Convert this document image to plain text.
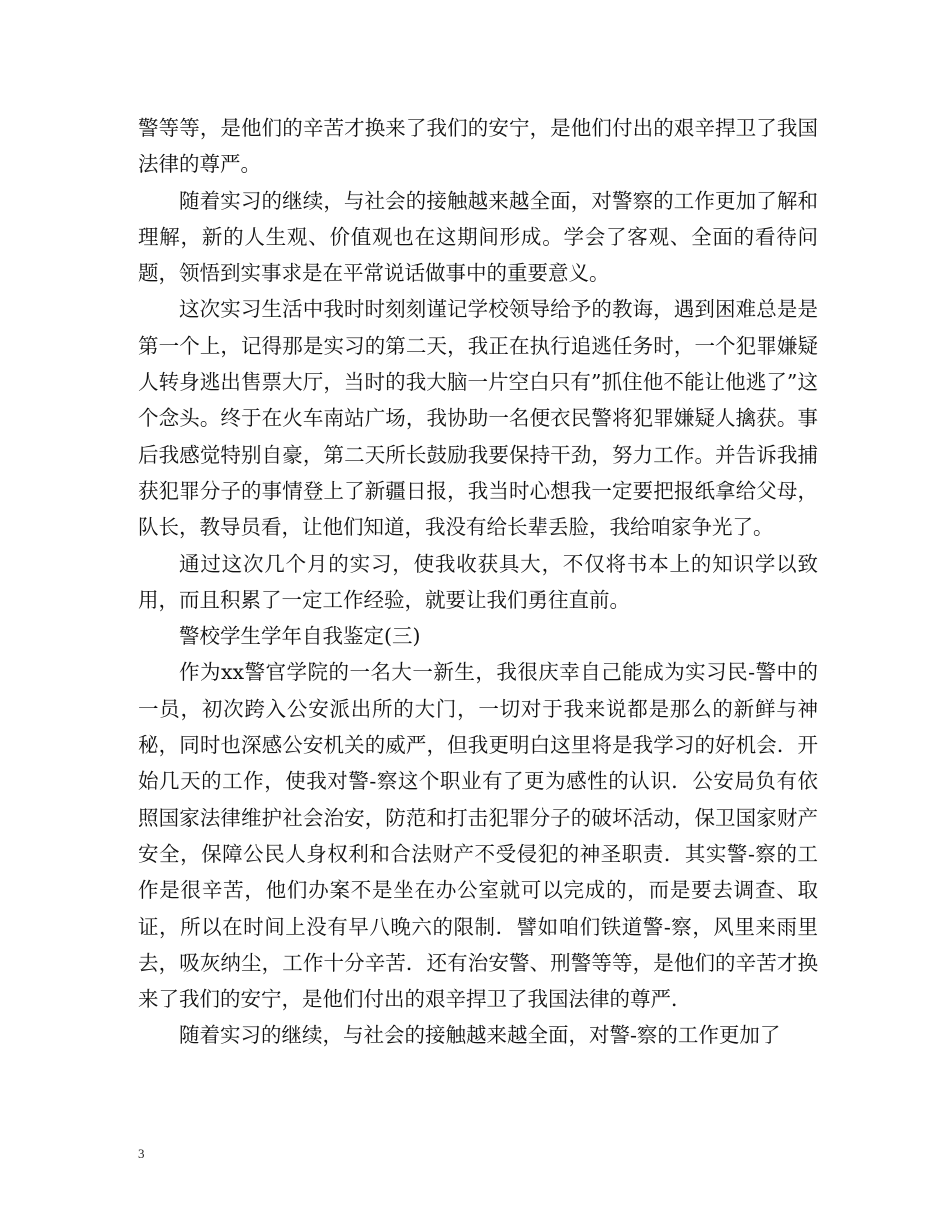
警等等，是他们的辛苦才换来了我们的安宁，是他们付出的艰辛捍卫了我国法律的尊严。

随着实习的继续，与社会的接触越来越全面，对警察的工作更加了解和理解，新的人生观、价值观也在这期间形成。学会了客观、全面的看待问题，领悟到实事求是在平常说话做事中的重要意义。

这次实习生活中我时时刻刻谨记学校领导给予的教诲，遇到困难总是是第一个上，记得那是实习的第二天，我正在执行追逃任务时，一个犯罪嫌疑人转身逃出售票大厅，当时的我大脑一片空白只有”抓住他不能让他逃了”这个念头。终于在火车南站广场，我协助一名便衣民警将犯罪嫌疑人擒获。事后我感觉特别自豪，第二天所长鼓励我要保持干劲，努力工作。并告诉我捕获犯罪分子的事情登上了新疆日报，我当时心想我一定要把报纸拿给父母，队长，教导员看，让他们知道，我没有给长辈丢脸，我给咱家争光了。

通过这次几个月的实习，使我收获具大，不仅将书本上的知识学以致用，而且积累了一定工作经验，就要让我们勇往直前。

警校学生学年自我鉴定(三)

作为xx警官学院的一名大一新生，我很庆幸自己能成为实习民-警中的一员，初次跨入公安派出所的大门，一切对于我来说都是那么的新鲜与神秘，同时也深感公安机关的威严，但我更明白这里将是我学习的好机会．开始几天的工作，使我对警-察这个职业有了更为感性的认识．公安局负有依照国家法律维护社会治安，防范和打击犯罪分子的破坏活动，保卫国家财产安全，保障公民人身权利和合法财产不受侵犯的神圣职责．其实警-察的工作是很辛苦，他们办案不是坐在办公室就可以完成的，而是要去调查、取证，所以在时间上没有早八晚六的限制．譬如咱们铁道警-察，风里来雨里去，吸灰纳尘，工作十分辛苦．还有治安警、刑警等等，是他们的辛苦才换来了我们的安宁，是他们付出的艰辛捍卫了我国法律的尊严．

随着实习的继续，与社会的接触越来越全面，对警-察的工作更加了

3
